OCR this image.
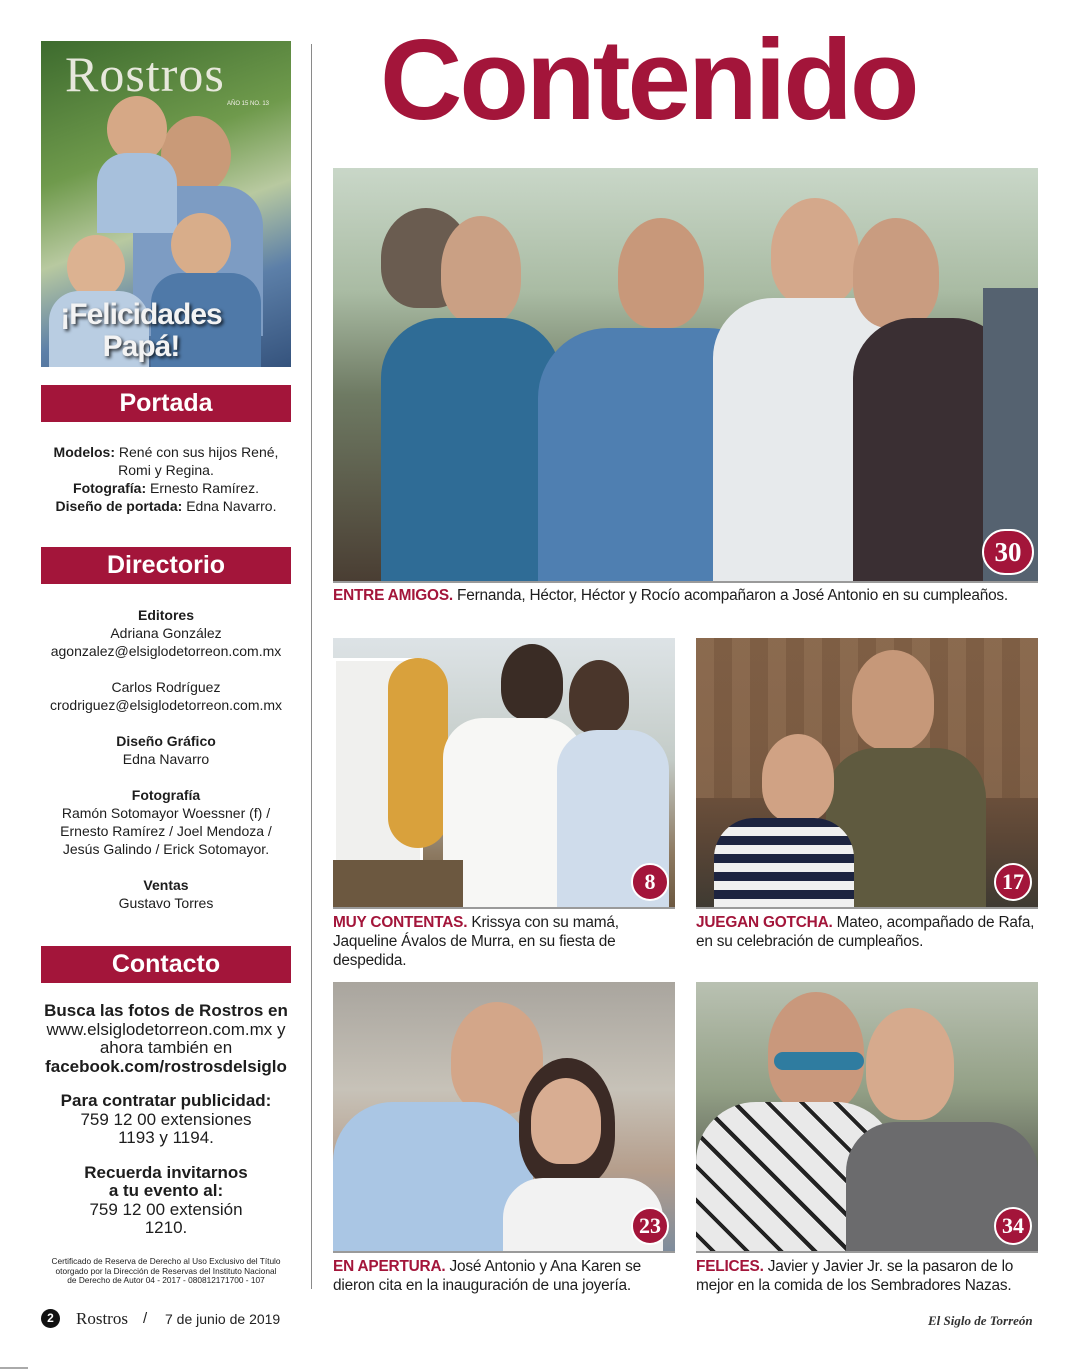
Rostros
AÑO 15 NO. 13
¡Felicidades
Papá!
Portada
Modelos: René con sus hijos René,
Romi y Regina.
Fotografía: Ernesto Ramírez.
Diseño de portada: Edna Navarro.
Directorio
Editores
Adriana González
agonzalez@elsiglodetorreon.com.mx
Carlos Rodríguez
crodriguez@elsiglodetorreon.com.mx
Diseño Gráfico
Edna Navarro
Fotografía
Ramón Sotomayor Woessner (f) /
Ernesto Ramírez / Joel Mendoza /
Jesús Galindo / Erick Sotomayor.
Ventas
Gustavo Torres
Contacto
Busca las fotos de Rostros en
www.elsiglodetorreon.com.mx y
ahora también en
facebook.com/rostrosdelsiglo
Para contratar publicidad:
759 12 00 extensiones
1193 y 1194.
Recuerda invitarnos
a tu evento al:
759 12 00 extensión
1210.
Certificado de Reserva de Derecho al Uso Exclusivo del Título
otorgado por la Dirección de Reservas del Instituto Nacional
de Derecho de Autor 04 - 2017 - 080812171700 - 107
2	Rostros / 7 de junio de 2019	El Siglo de Torreón
Contenido
30
ENTRE AMIGOS. Fernanda, Héctor, Héctor y Rocío acompañaron a José Antonio en su cumpleaños.
8
MUY CONTENTAS. Krissya con su mamá, Jaqueline Ávalos de Murra, en su fiesta de despedida.
17
JUEGAN GOTCHA. Mateo, acompañado de Rafa, en su celebración de cumpleaños.
23
EN APERTURA. José Antonio y Ana Karen se dieron cita en la inauguración de una joyería.
34
FELICES. Javier y Javier Jr. se la pasaron de lo mejor en la comida de los Sembradores Nazas.
